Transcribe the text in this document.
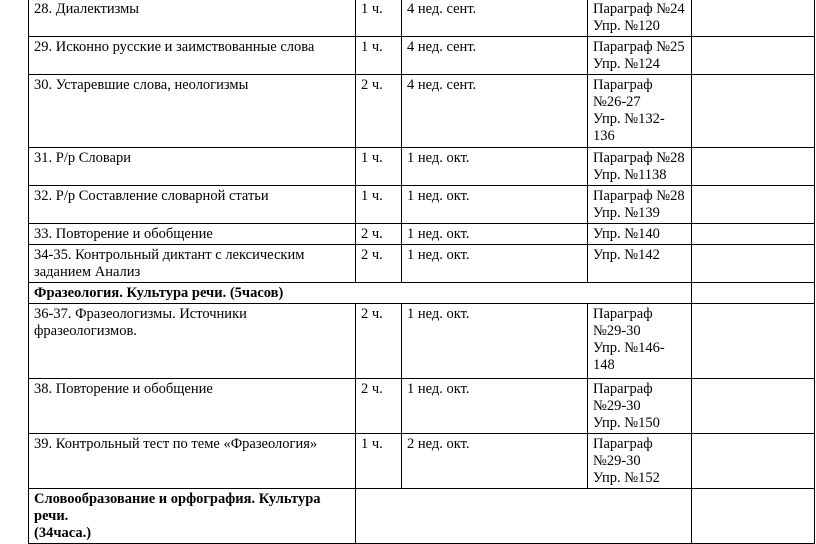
28. Диалектизмы	1 ч.	4 нед. сент.	Параграф №24
Упр. №120	
29. Исконно русские и заимствованные слова	1 ч.	4 нед. сент.	Параграф №25
Упр. №124	
30. Устаревшие слова, неологизмы	2 ч.	4 нед. сент.	Параграф
№26-27
Упр. №132-
136	
31. Р/р Словари	1 ч.	1 нед. окт.	Параграф №28
Упр. №1138	
32. Р/р Составление словарной статьи	1 ч.	1 нед. окт.	Параграф №28
Упр. №139	
33. Повторение и обобщение	2 ч.	1 нед. окт.	Упр. №140	
34-35. Контрольный диктант с лексическим
заданием Анализ	2 ч.	1 нед. окт.	Упр. №142	
Фразеология. Культура речи. (5часов)				
36-37. Фразеологизмы. Источники
фразеологизмов.	2 ч.	1 нед. окт.	Параграф
№29-30
Упр. №146-
148	
38. Повторение и обобщение	2 ч.	1 нед. окт.	Параграф
№29-30
Упр. №150	
39. Контрольный тест по теме «Фразеология»	1 ч.	2 нед. окт.	Параграф
№29-30
Упр. №152	
Словообразование и орфография. Культура речи.
(34часа.)				
